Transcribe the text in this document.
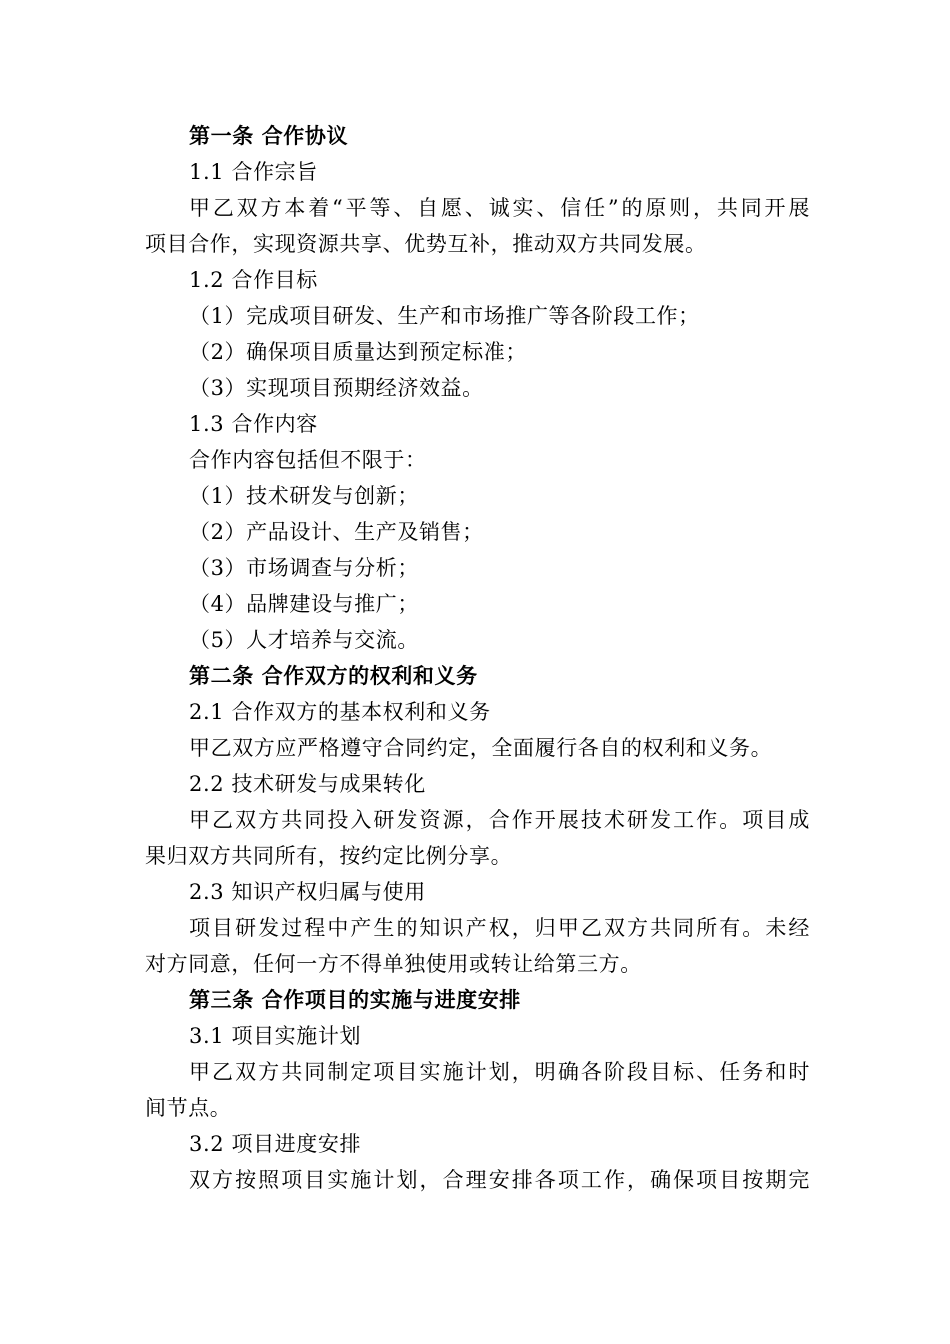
第一条 合作协议
1.1 合作宗旨
甲乙双方本着“平等、自愿、诚实、信任”的原则，共同开展
项目合作，实现资源共享、优势互补，推动双方共同发展。
1.2 合作目标
（1）完成项目研发、生产和市场推广等各阶段工作；
（2）确保项目质量达到预定标准；
（3）实现项目预期经济效益。
1.3 合作内容
合作内容包括但不限于：
（1）技术研发与创新；
（2）产品设计、生产及销售；
（3）市场调查与分析；
（4）品牌建设与推广；
（5）人才培养与交流。
第二条 合作双方的权利和义务
2.1 合作双方的基本权利和义务
甲乙双方应严格遵守合同约定，全面履行各自的权利和义务。
2.2 技术研发与成果转化
甲乙双方共同投入研发资源，合作开展技术研发工作。项目成
果归双方共同所有，按约定比例分享。
2.3 知识产权归属与使用
项目研发过程中产生的知识产权，归甲乙双方共同所有。未经
对方同意，任何一方不得单独使用或转让给第三方。
第三条 合作项目的实施与进度安排
3.1 项目实施计划
甲乙双方共同制定项目实施计划，明确各阶段目标、任务和时
间节点。
3.2 项目进度安排
双方按照项目实施计划，合理安排各项工作，确保项目按期完
